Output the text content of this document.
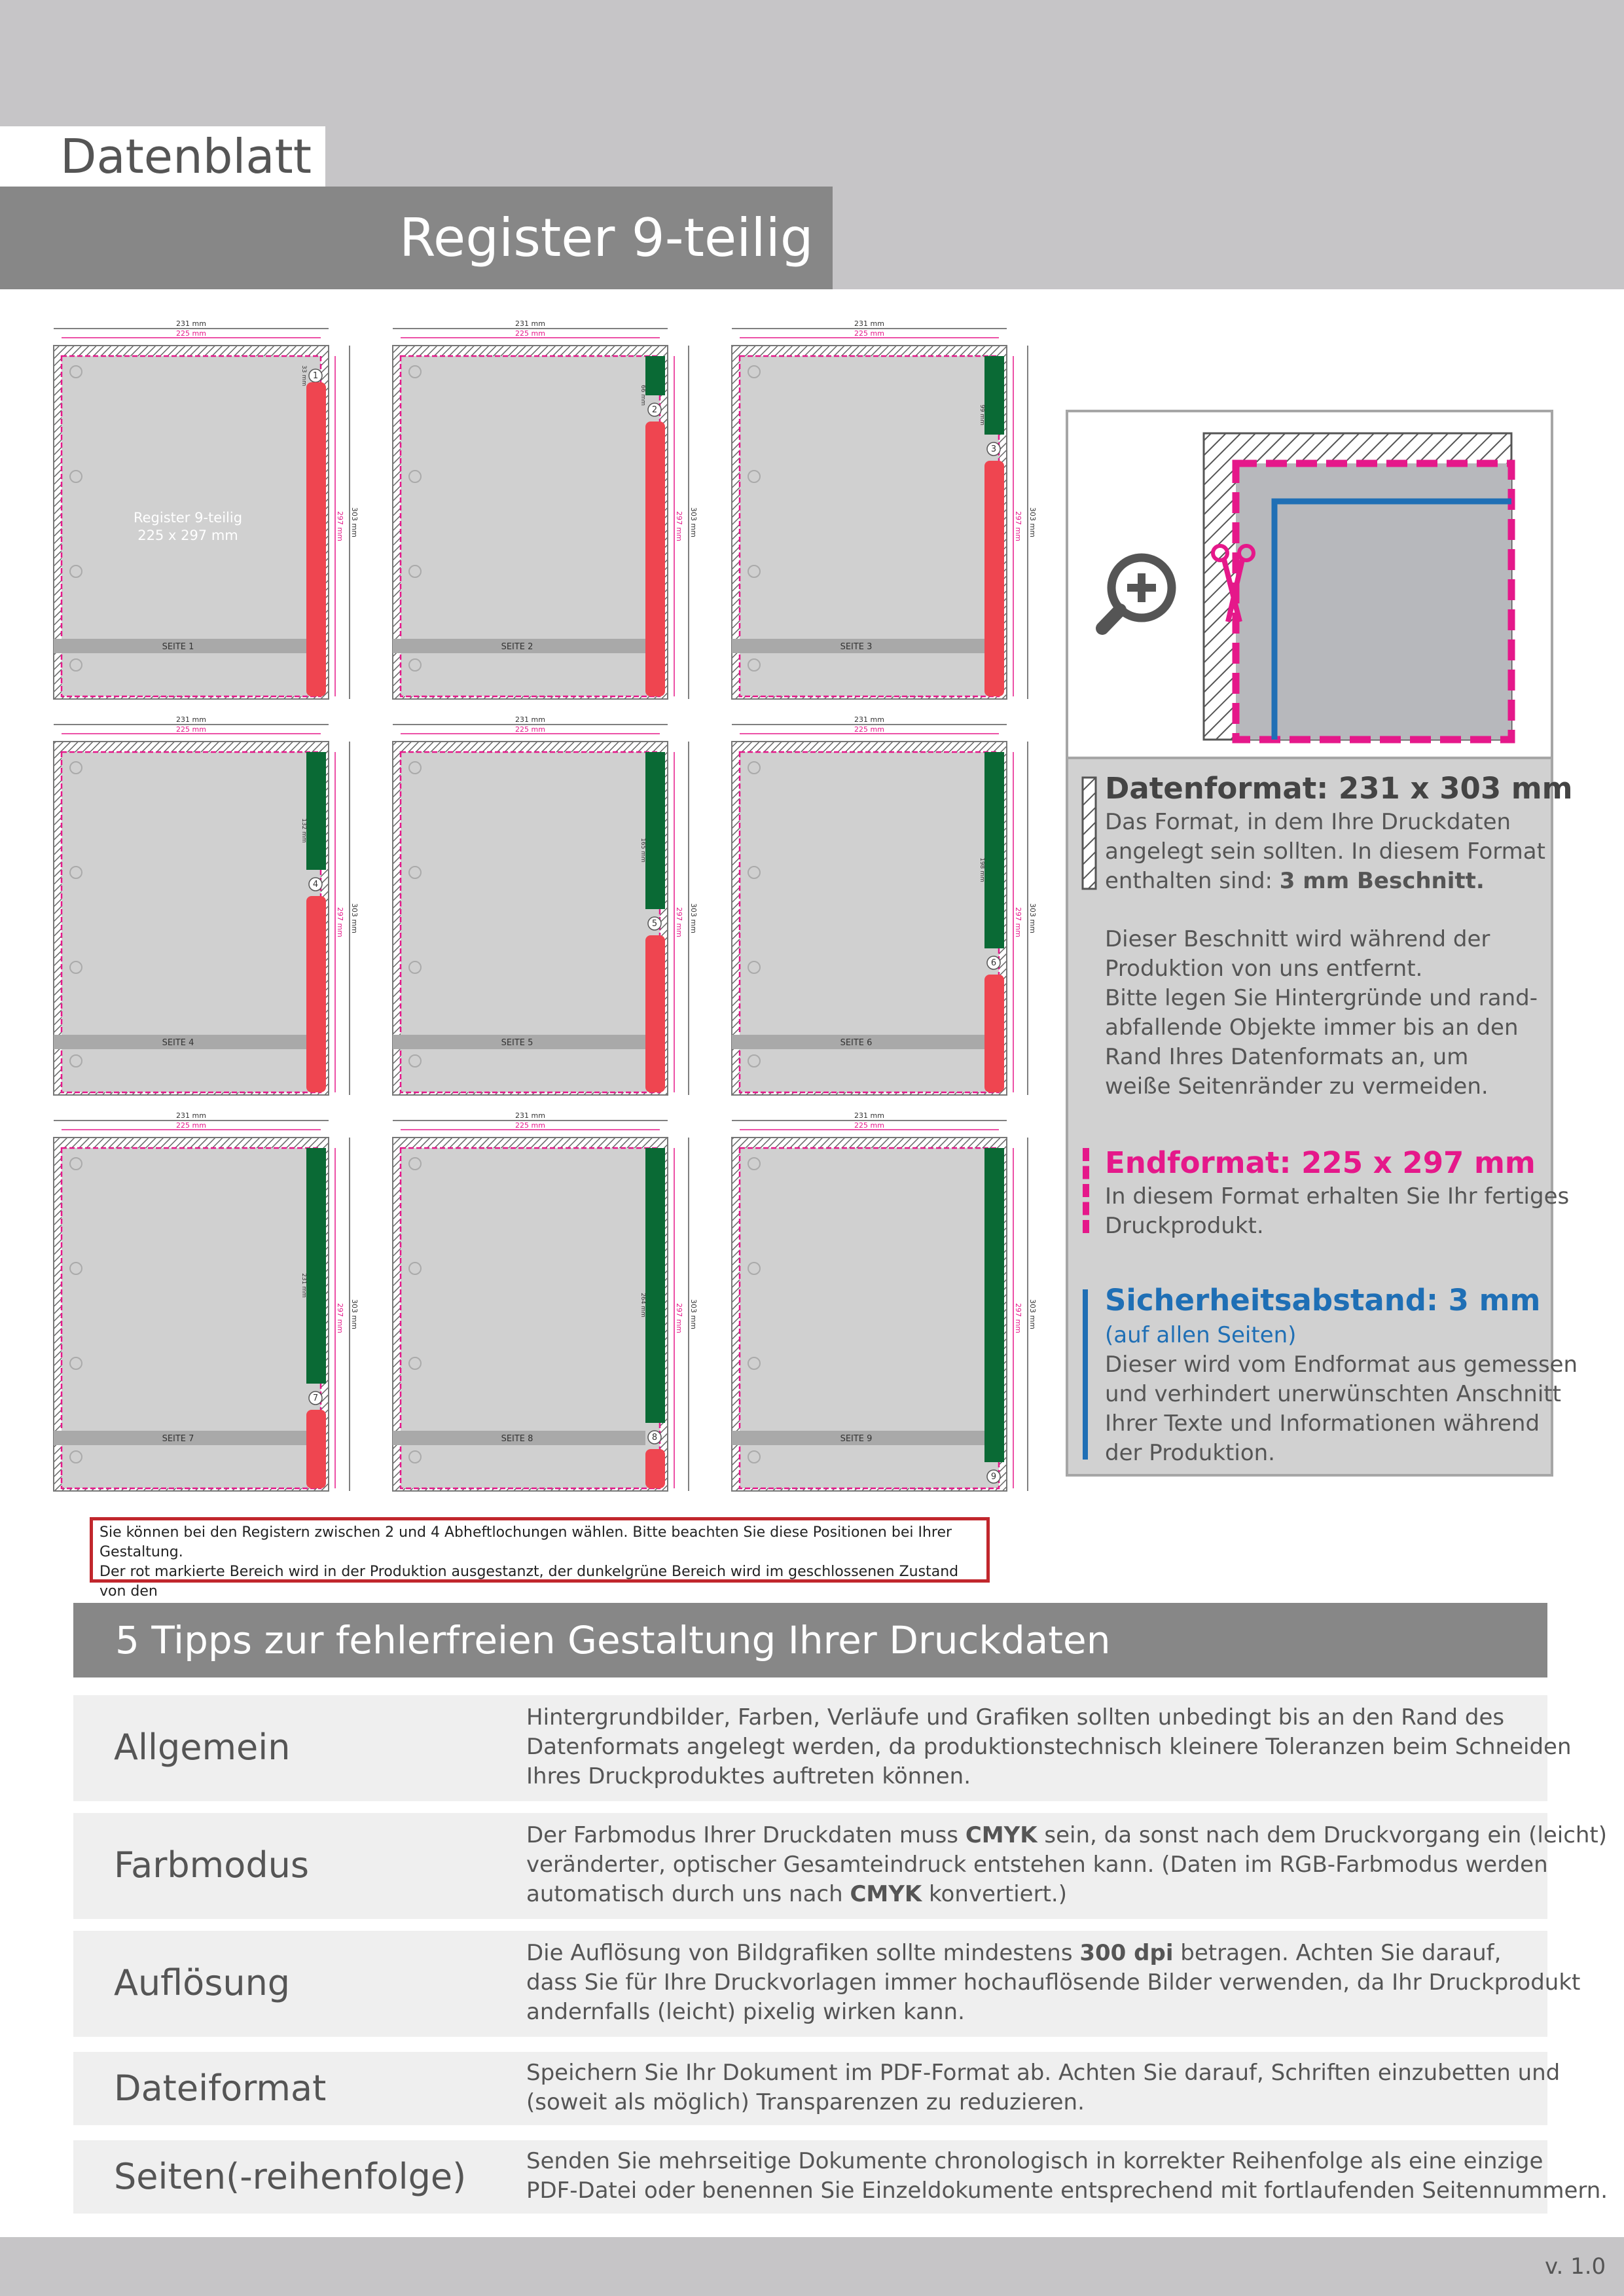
Datenblatt
Register 9-teilig
231 mm
225 mm
1
297 mm 303 mm
33 mm
SEITE 1
Register 9-teilig
225 x 297 mm
231 mm
225 mm
2
297 mm 303 mm
66 mm
SEITE 2
231 mm
225 mm
3
297 mm 303 mm
99 mm
SEITE 3
231 mm
225 mm
4
297 mm 303 mm
132 mm
SEITE 4
231 mm
225 mm
5 297 mm 303 mm
165 mm
SEITE 5
231 mm
225 mm
6
297 mm 303 mm
198 mm
SEITE 6
231 mm
225 mm
7
297 mm 303 mm
231 mm
SEITE 7
231 mm
225 mm
8
297 mm 303 mm
264 mm
SEITE 8
231 mm
225 mm
9
297 mm 303 mm
SEITE 9
Datenformat: 231 x 303 mm
Das Format, in dem Ihre Druckdaten
angelegt sein sollten. In diesem Format
enthalten sind: 3 mm Beschnitt.
Dieser Beschnitt wird während der
Produktion von uns entfernt.
Bitte legen Sie Hintergründe und rand-
abfallende Objekte immer bis an den
Rand Ihres Datenformats an, um
weiße Seitenränder zu vermeiden.
Endformat: 225 x 297 mm
In diesem Format erhalten Sie Ihr fertiges
Druckprodukt.
Sicherheitsabstand: 3 mm
(auf allen Seiten)
Dieser wird vom Endformat aus gemessen
und verhindert unerwünschten Anschnitt
Ihrer Texte und Informationen während
der Produktion.
Sie können bei den Registern zwischen 2 und 4 Abheftlochungen wählen. Bitte beachten Sie diese Positionen bei Ihrer Gestaltung.
Der rot markierte Bereich wird in der Produktion ausgestanzt, der dunkelgrüne Bereich wird im geschlossenen Zustand von den
5 Tipps zur fehlerfreien Gestaltung Ihrer Druckdaten
Allgemein
Hintergrundbilder, Farben, Verläufe und Grafiken sollten unbedingt bis an den Rand des
Datenformats angelegt werden, da produktionstechnisch kleinere Toleranzen beim Schneiden
Ihres Druckproduktes auftreten können.
Farbmodus
Der Farbmodus Ihrer Druckdaten muss CMYK sein, da sonst nach dem Druckvorgang ein (leicht)
veränderter, optischer Gesamteindruck entstehen kann. (Daten im RGB-Farbmodus werden
automatisch durch uns nach CMYK konvertiert.)
Auflösung
Die Auflösung von Bildgrafiken sollte mindestens 300 dpi betragen. Achten Sie darauf,
dass Sie für Ihre Druckvorlagen immer hochauflösende Bilder verwenden, da Ihr Druckprodukt
andernfalls (leicht) pixelig wirken kann.
Dateiformat	Speichern Sie Ihr Dokument im PDF-Format ab. Achten Sie darauf, Schriften einzubetten und
(soweit als möglich) Transparenzen zu reduzieren.
Seiten(-reihenfolge)	Senden Sie mehrseitige Dokumente chronologisch in korrekter Reihenfolge als eine einzige
PDF-Datei oder benennen Sie Einzeldokumente entsprechend mit fortlaufenden Seitennummern.
v. 1.0
